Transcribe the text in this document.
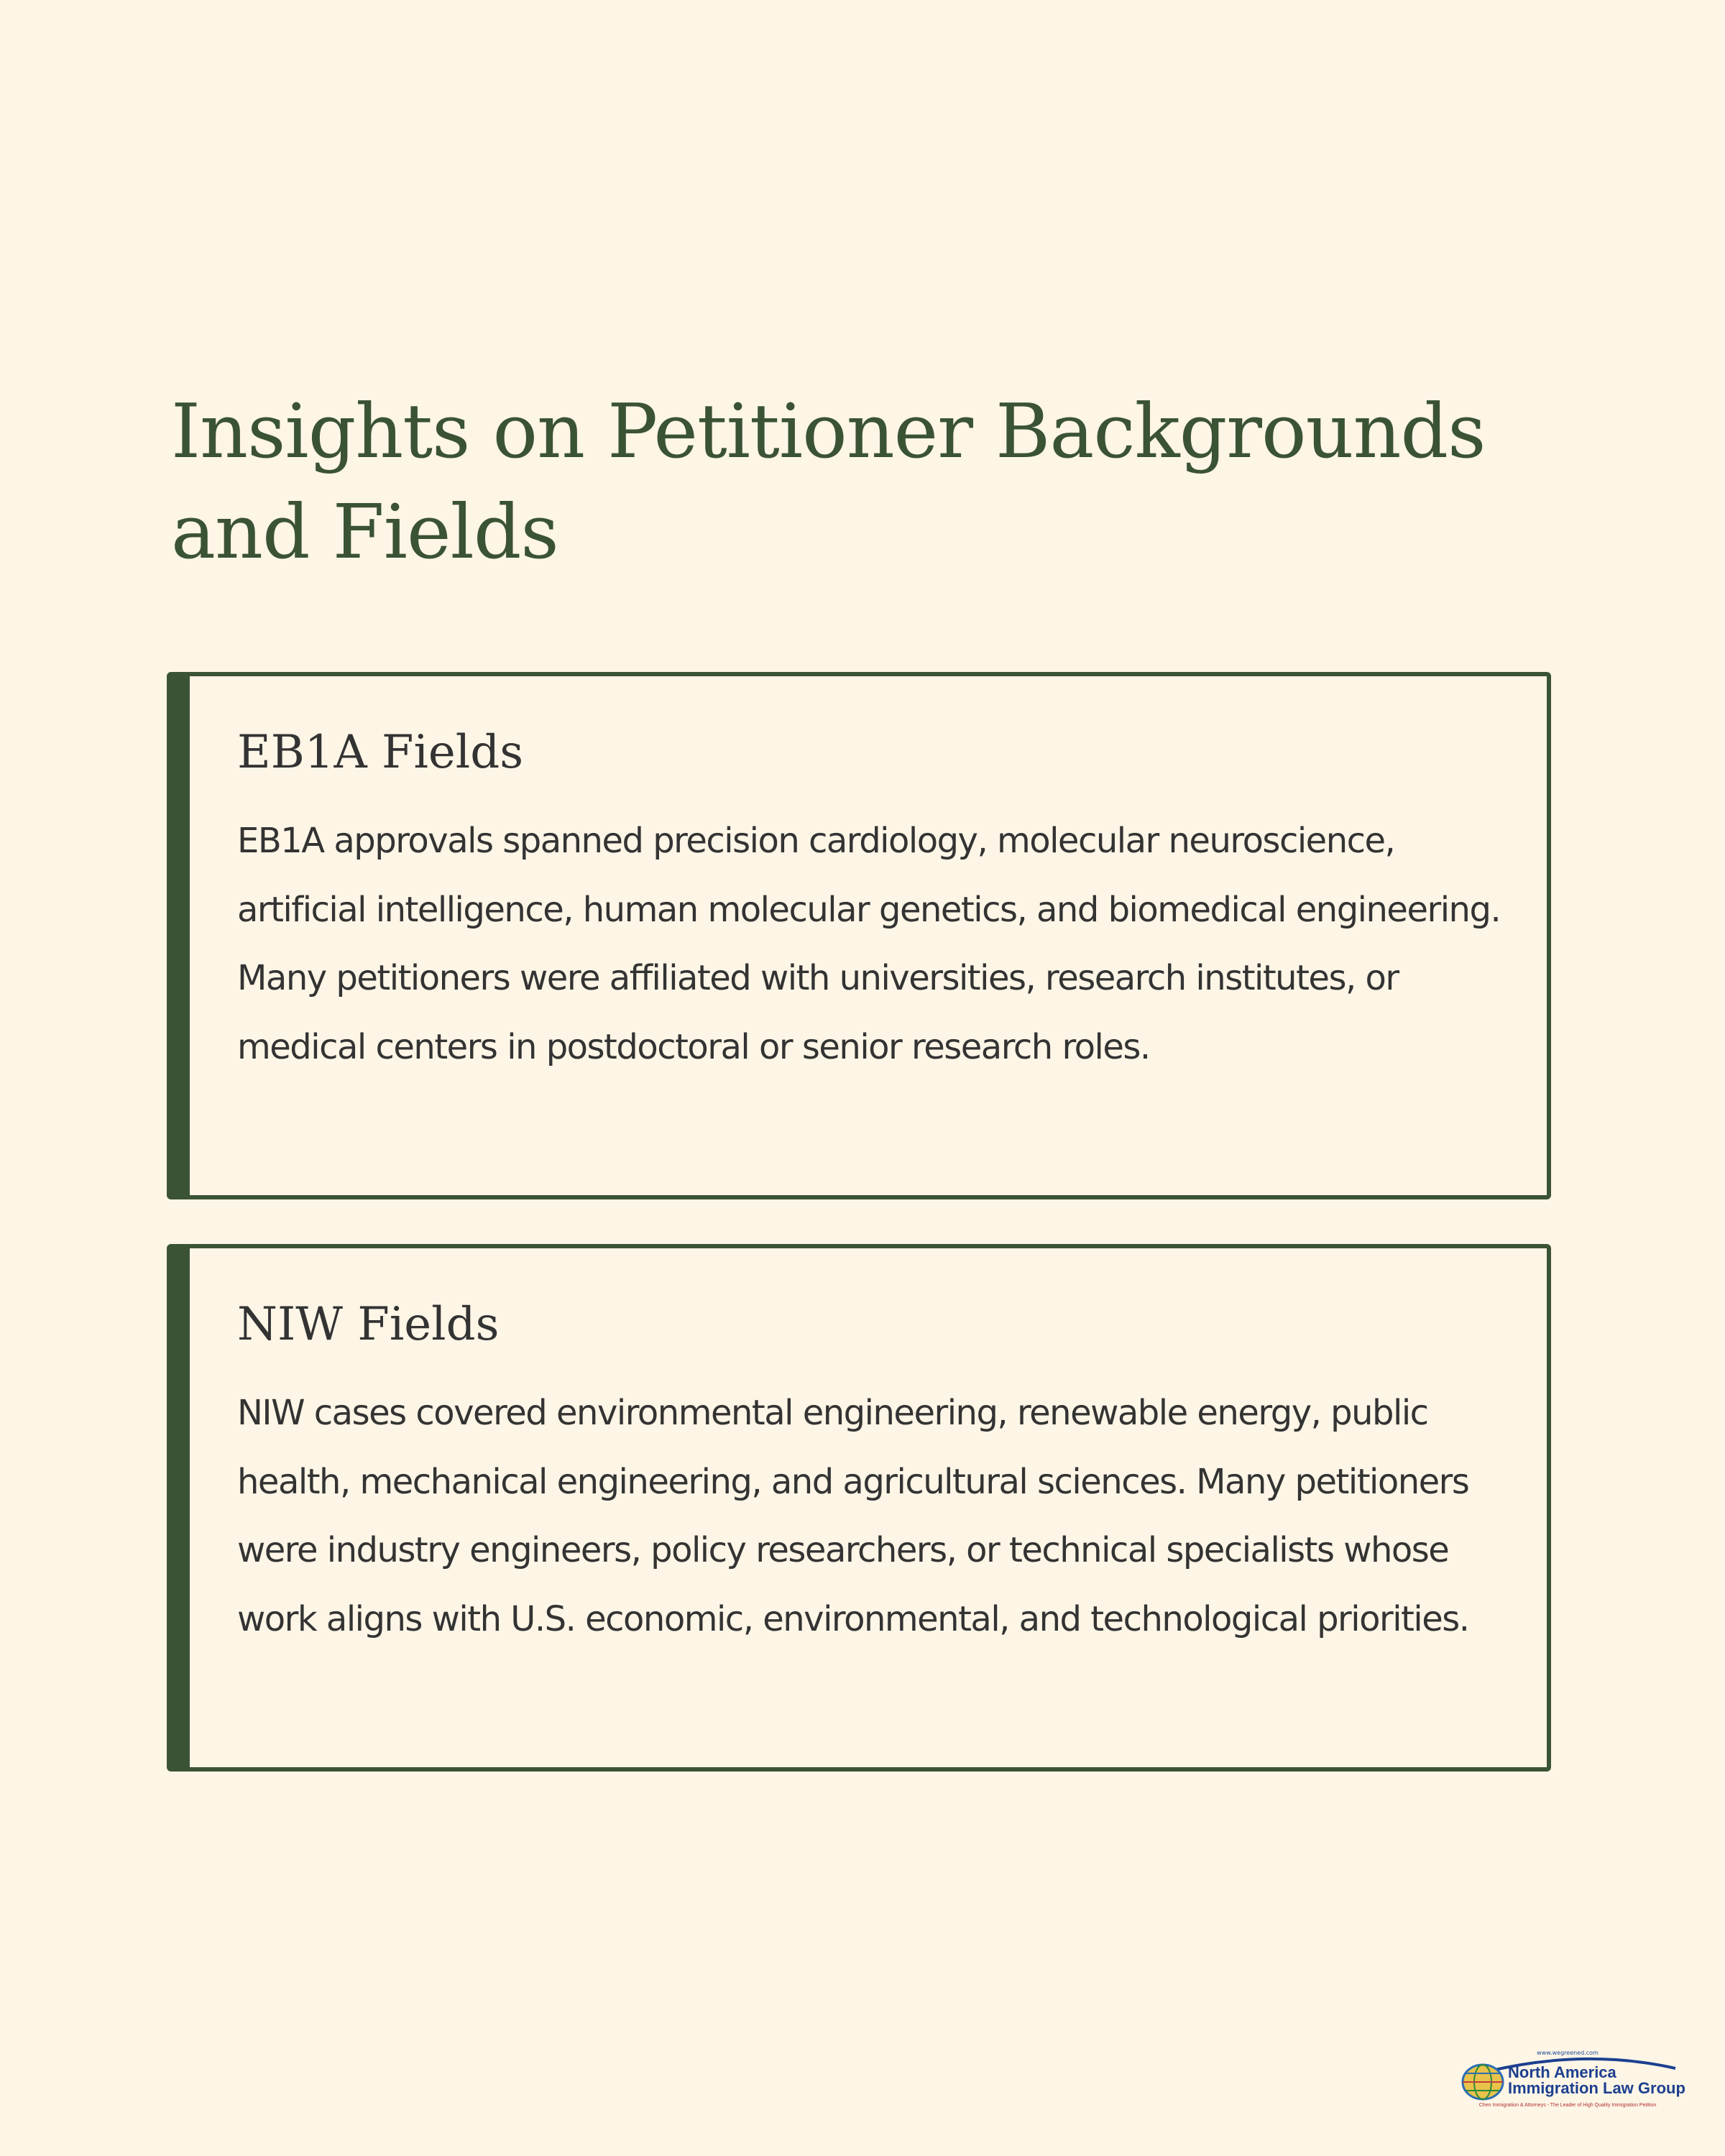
Insights on Petitioner Backgrounds and Fields
EB1A Fields

EB1A approvals spanned precision cardiology, molecular neuroscience, artificial intelligence, human molecular genetics, and biomedical engineering. Many petitioners were affiliated with universities, research institutes, or medical centers in postdoctoral or senior research roles.

NIW Fields

NIW cases covered environmental engineering, renewable energy, public health, mechanical engineering, and agricultural sciences. Many petitioners were industry engineers, policy researchers, or technical specialists whose work aligns with U.S. economic, environmental, and technological priorities.

www.wegreened.com
North America
Immigration Law Group
Chen Immigration & Attorneys - The Leader of High Quality Immigration Petition
